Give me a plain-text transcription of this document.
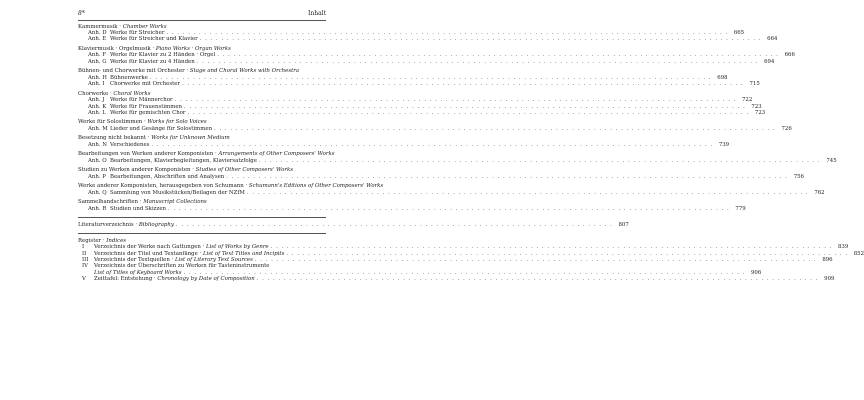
8*	Inhalt
Kammermusik · Chamber Works
Anh. D Werke für Streicher . . .	665
Anh. E Werke für Streicher und Klavier . . .	664
Klaviermusik · Orgelmusik · Piano Works · Organ Works
Anh. F Werke für Klavier zu 2 Händen · Orgel . . .	666
Anh. G Werke für Klavier zu 4 Händen . . .	694
Bühnen- und Chorwerke mit Orchester · Stage and Choral Works with Orchestra
Anh. H Bühnenwerke . . .	698
Anh. I	Chorwerke mit Orchester . . .	715
Chorwerke · Choral Works
Anh. J	Werke für Männerchor . . .	722
Anh. K Werke für Frauenstimmen . . .	723
Anh. L Werke für gemischten Chor . . .	723
Werke für Solostimmen · Works for Solo Voices
Anh. M Lieder und Gesänge für Solostimmen . . .	726
Besetzung nicht bekannt · Works for Unknown Medium
Anh. N Verschiedenes . . .	739
Bearbeitungen von Werken anderer Komponisten · Arrangements of Other Composers' Works
Anh. O Bearbeitungen, Klavierbegleitungen, Klaviersatzfolge . . .	745
Studien zu Werken anderer Komponisten · Studies of Other Composers' Works
Anh. P Bearbeitungen, Abschriften und Analysen . . .	756
Werke anderer Komponisten, herausgegeben von Schumann · Schumann's Editions of Other Composers' Works
Anh. Q Sammlung von Musikstücken/Beilagen der NZfM . . .	762
Sammelhandschriften · Manuscript Collections
Anh. R Studien und Skizzen . . .	779
Literaturverzeichnis · Bibliography . . .	807
Register · Indices
I	Verzeichnis der Werke nach Gattungen · List of Works by Genre . . .	839
II	Verzeichnis der Titel und Textanfänge · List of Text Titles and Incipits . . .	852
III	Verzeichnis der Textquellen · List of Literary Text Sources . . .	896
IV	Verzeichnis der Überschriften zu Werken für Tasteninstrumente
List of Titles of Keyboard Works . . .	906
V	Zeittafel: Entstehung · Chronology by Date of Composition . . .	909
